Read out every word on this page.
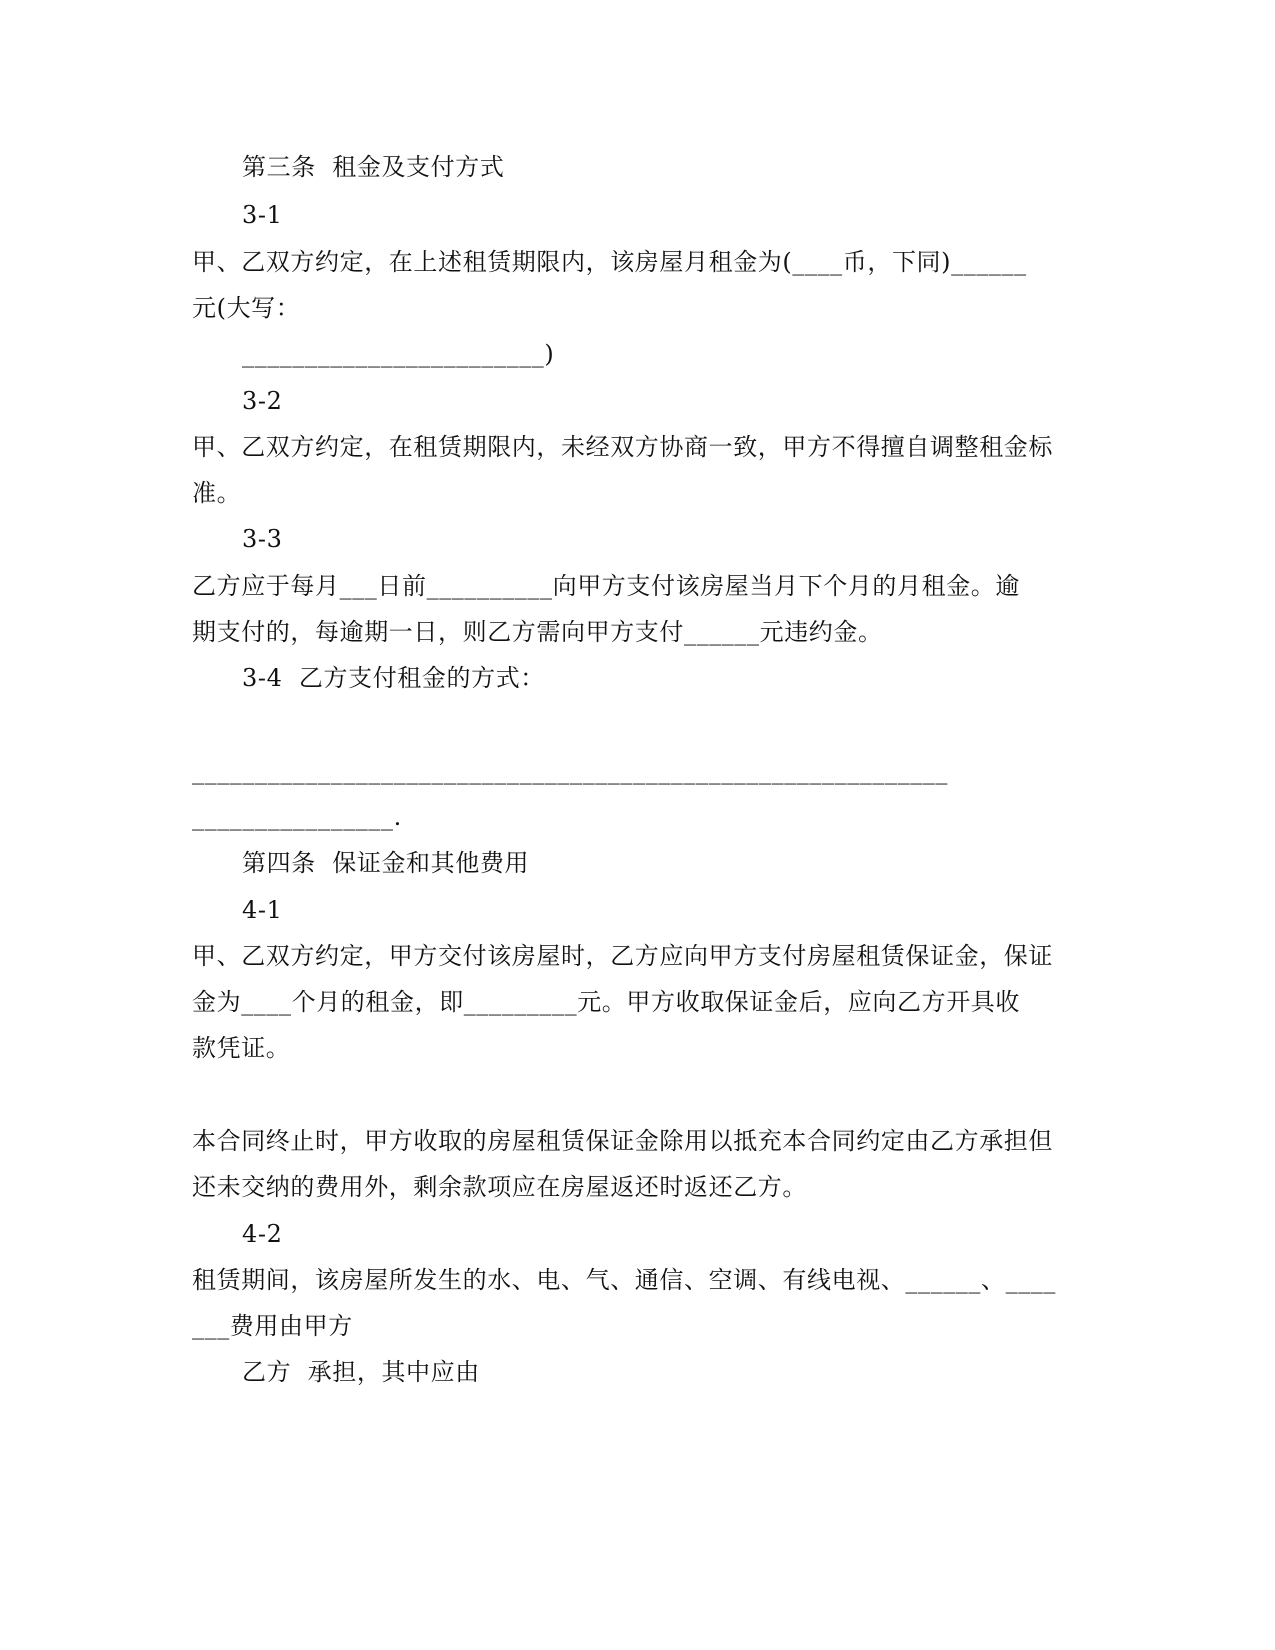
第三条  租金及支付方式
3-1
甲、乙双方约定，在上述租赁期限内，该房屋月租金为(____币，下同)______
元(大写：
________________________)
3-2
甲、乙双方约定，在租赁期限内，未经双方协商一致，甲方不得擅自调整租金标
准。
3-3
乙方应于每月___日前__________向甲方支付该房屋当月下个月的月租金。逾
期支付的，每逾期一日，则乙方需向甲方支付______元违约金。
3-4  乙方支付租金的方式：
____________________________________________________________
________________.
第四条  保证金和其他费用
4-1
甲、乙双方约定，甲方交付该房屋时，乙方应向甲方支付房屋租赁保证金，保证
金为____个月的租金，即_________元。甲方收取保证金后，应向乙方开具收
款凭证。
本合同终止时，甲方收取的房屋租赁保证金除用以抵充本合同约定由乙方承担但
还未交纳的费用外，剩余款项应在房屋返还时返还乙方。
4-2
租赁期间，该房屋所发生的水、电、气、通信、空调、有线电视、______、____
___费用由甲方
乙方  承担，其中应由
